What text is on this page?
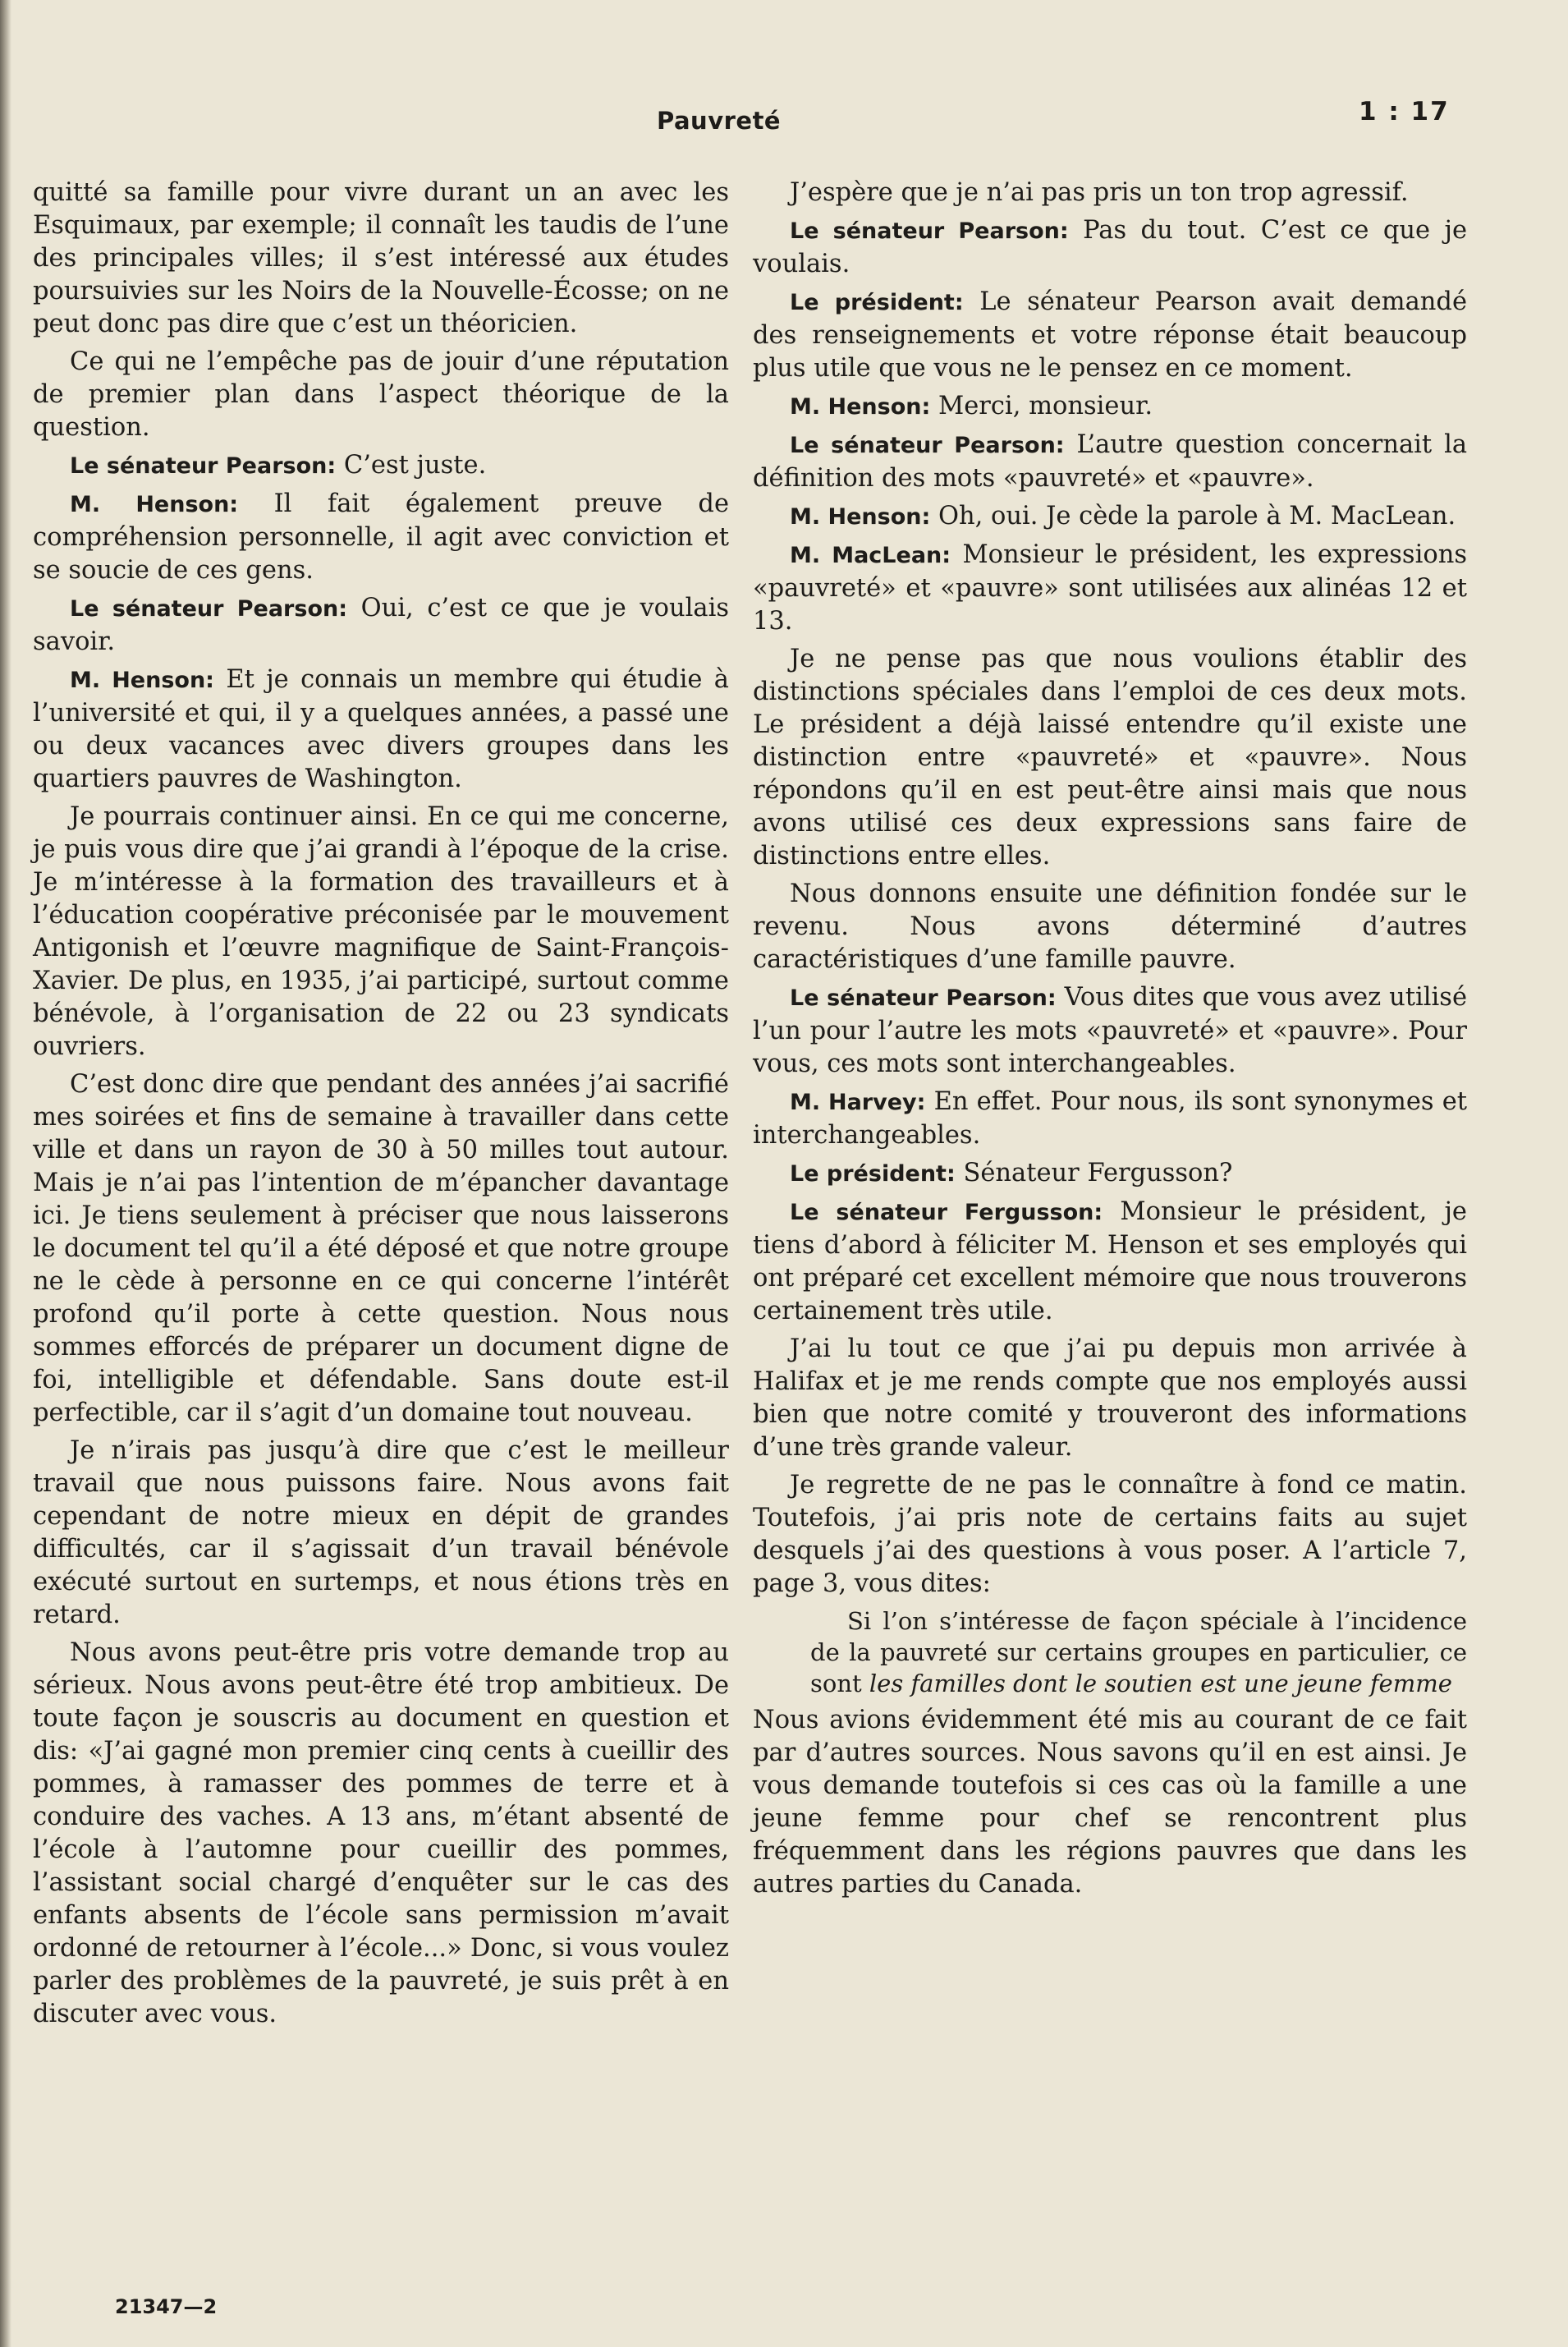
Pauvreté	1 : 17

quitté sa famille pour vivre durant un an avec les Esquimaux, par exemple; il connaît les taudis de l’une des principales villes; il s’est intéressé aux études poursuivies sur les Noirs de la Nouvelle-Écosse; on ne peut donc pas dire que c’est un théoricien.

Ce qui ne l’empêche pas de jouir d’une réputation de premier plan dans l’aspect théorique de la question.

Le sénateur Pearson: C’est juste.

M. Henson: Il fait également preuve de compréhension personnelle, il agit avec conviction et se soucie de ces gens.

Le sénateur Pearson: Oui, c’est ce que je voulais savoir.

M. Henson: Et je connais un membre qui étudie à l’université et qui, il y a quelques années, a passé une ou deux vacances avec divers groupes dans les quartiers pauvres de Washington.

Je pourrais continuer ainsi. En ce qui me concerne, je puis vous dire que j’ai grandi à l’époque de la crise. Je m’intéresse à la formation des travailleurs et à l’éducation coopérative préconisée par le mouvement Antigonish et l’œuvre magnifique de Saint-François-Xavier. De plus, en 1935, j’ai participé, surtout comme bénévole, à l’organisation de 22 ou 23 syndicats ouvriers.

C’est donc dire que pendant des années j’ai sacrifié mes soirées et fins de semaine à travailler dans cette ville et dans un rayon de 30 à 50 milles tout autour. Mais je n’ai pas l’intention de m’épancher davantage ici. Je tiens seulement à préciser que nous laisserons le document tel qu’il a été déposé et que notre groupe ne le cède à personne en ce qui concerne l’intérêt profond qu’il porte à cette question. Nous nous sommes efforcés de préparer un document digne de foi, intelligible et défendable. Sans doute est-il perfectible, car il s’agit d’un domaine tout nouveau.

Je n’irais pas jusqu’à dire que c’est le meilleur travail que nous puissons faire. Nous avons fait cependant de notre mieux en dépit de grandes difficultés, car il s’agissait d’un travail bénévole exécuté surtout en surtemps, et nous étions très en retard.

Nous avons peut-être pris votre demande trop au sérieux. Nous avons peut-être été trop ambitieux. De toute façon je souscris au document en question et dis: «J’ai gagné mon premier cinq cents à cueillir des pommes, à ramasser des pommes de terre et à conduire des vaches. A 13 ans, m’étant absenté de l’école à l’automne pour cueillir des pommes, l’assistant social chargé d’enquêter sur le cas des enfants absents de l’école sans permission m’avait ordonné de retourner à l’école...» Donc, si vous voulez parler des problèmes de la pauvreté, je suis prêt à en discuter avec vous.

J’espère que je n’ai pas pris un ton trop agressif.

Le sénateur Pearson: Pas du tout. C’est ce que je voulais.

Le président: Le sénateur Pearson avait demandé des renseignements et votre réponse était beaucoup plus utile que vous ne le pensez en ce moment.

M. Henson: Merci, monsieur.

Le sénateur Pearson: L’autre question concernait la définition des mots «pauvreté» et «pauvre».

M. Henson: Oh, oui. Je cède la parole à M. MacLean.

M. MacLean: Monsieur le président, les expressions «pauvreté» et «pauvre» sont utilisées aux alinéas 12 et 13.

Je ne pense pas que nous voulions établir des distinctions spéciales dans l’emploi de ces deux mots. Le président a déjà laissé entendre qu’il existe une distinction entre «pauvreté» et «pauvre». Nous répondons qu’il en est peut-être ainsi mais que nous avons utilisé ces deux expressions sans faire de distinctions entre elles.

Nous donnons ensuite une définition fondée sur le revenu. Nous avons déterminé d’autres caractéristiques d’une famille pauvre.

Le sénateur Pearson: Vous dites que vous avez utilisé l’un pour l’autre les mots «pauvreté» et «pauvre». Pour vous, ces mots sont interchangeables.

M. Harvey: En effet. Pour nous, ils sont synonymes et interchangeables.

Le président: Sénateur Fergusson?

Le sénateur Fergusson: Monsieur le président, je tiens d’abord à féliciter M. Henson et ses employés qui ont préparé cet excellent mémoire que nous trouverons certainement très utile.

J’ai lu tout ce que j’ai pu depuis mon arrivée à Halifax et je me rends compte que nos employés aussi bien que notre comité y trouveront des informations d’une très grande valeur.

Je regrette de ne pas le connaître à fond ce matin. Toutefois, j’ai pris note de certains faits au sujet desquels j’ai des questions à vous poser. A l’article 7, page 3, vous dites:

Si l’on s’intéresse de façon spéciale à l’incidence de la pauvreté sur certains groupes en particulier, ce sont les familles dont le soutien est une jeune femme

Nous avions évidemment été mis au courant de ce fait par d’autres sources. Nous savons qu’il en est ainsi. Je vous demande toutefois si ces cas où la famille a une jeune femme pour chef se rencontrent plus fréquemment dans les régions pauvres que dans les autres parties du Canada.

21347—2
